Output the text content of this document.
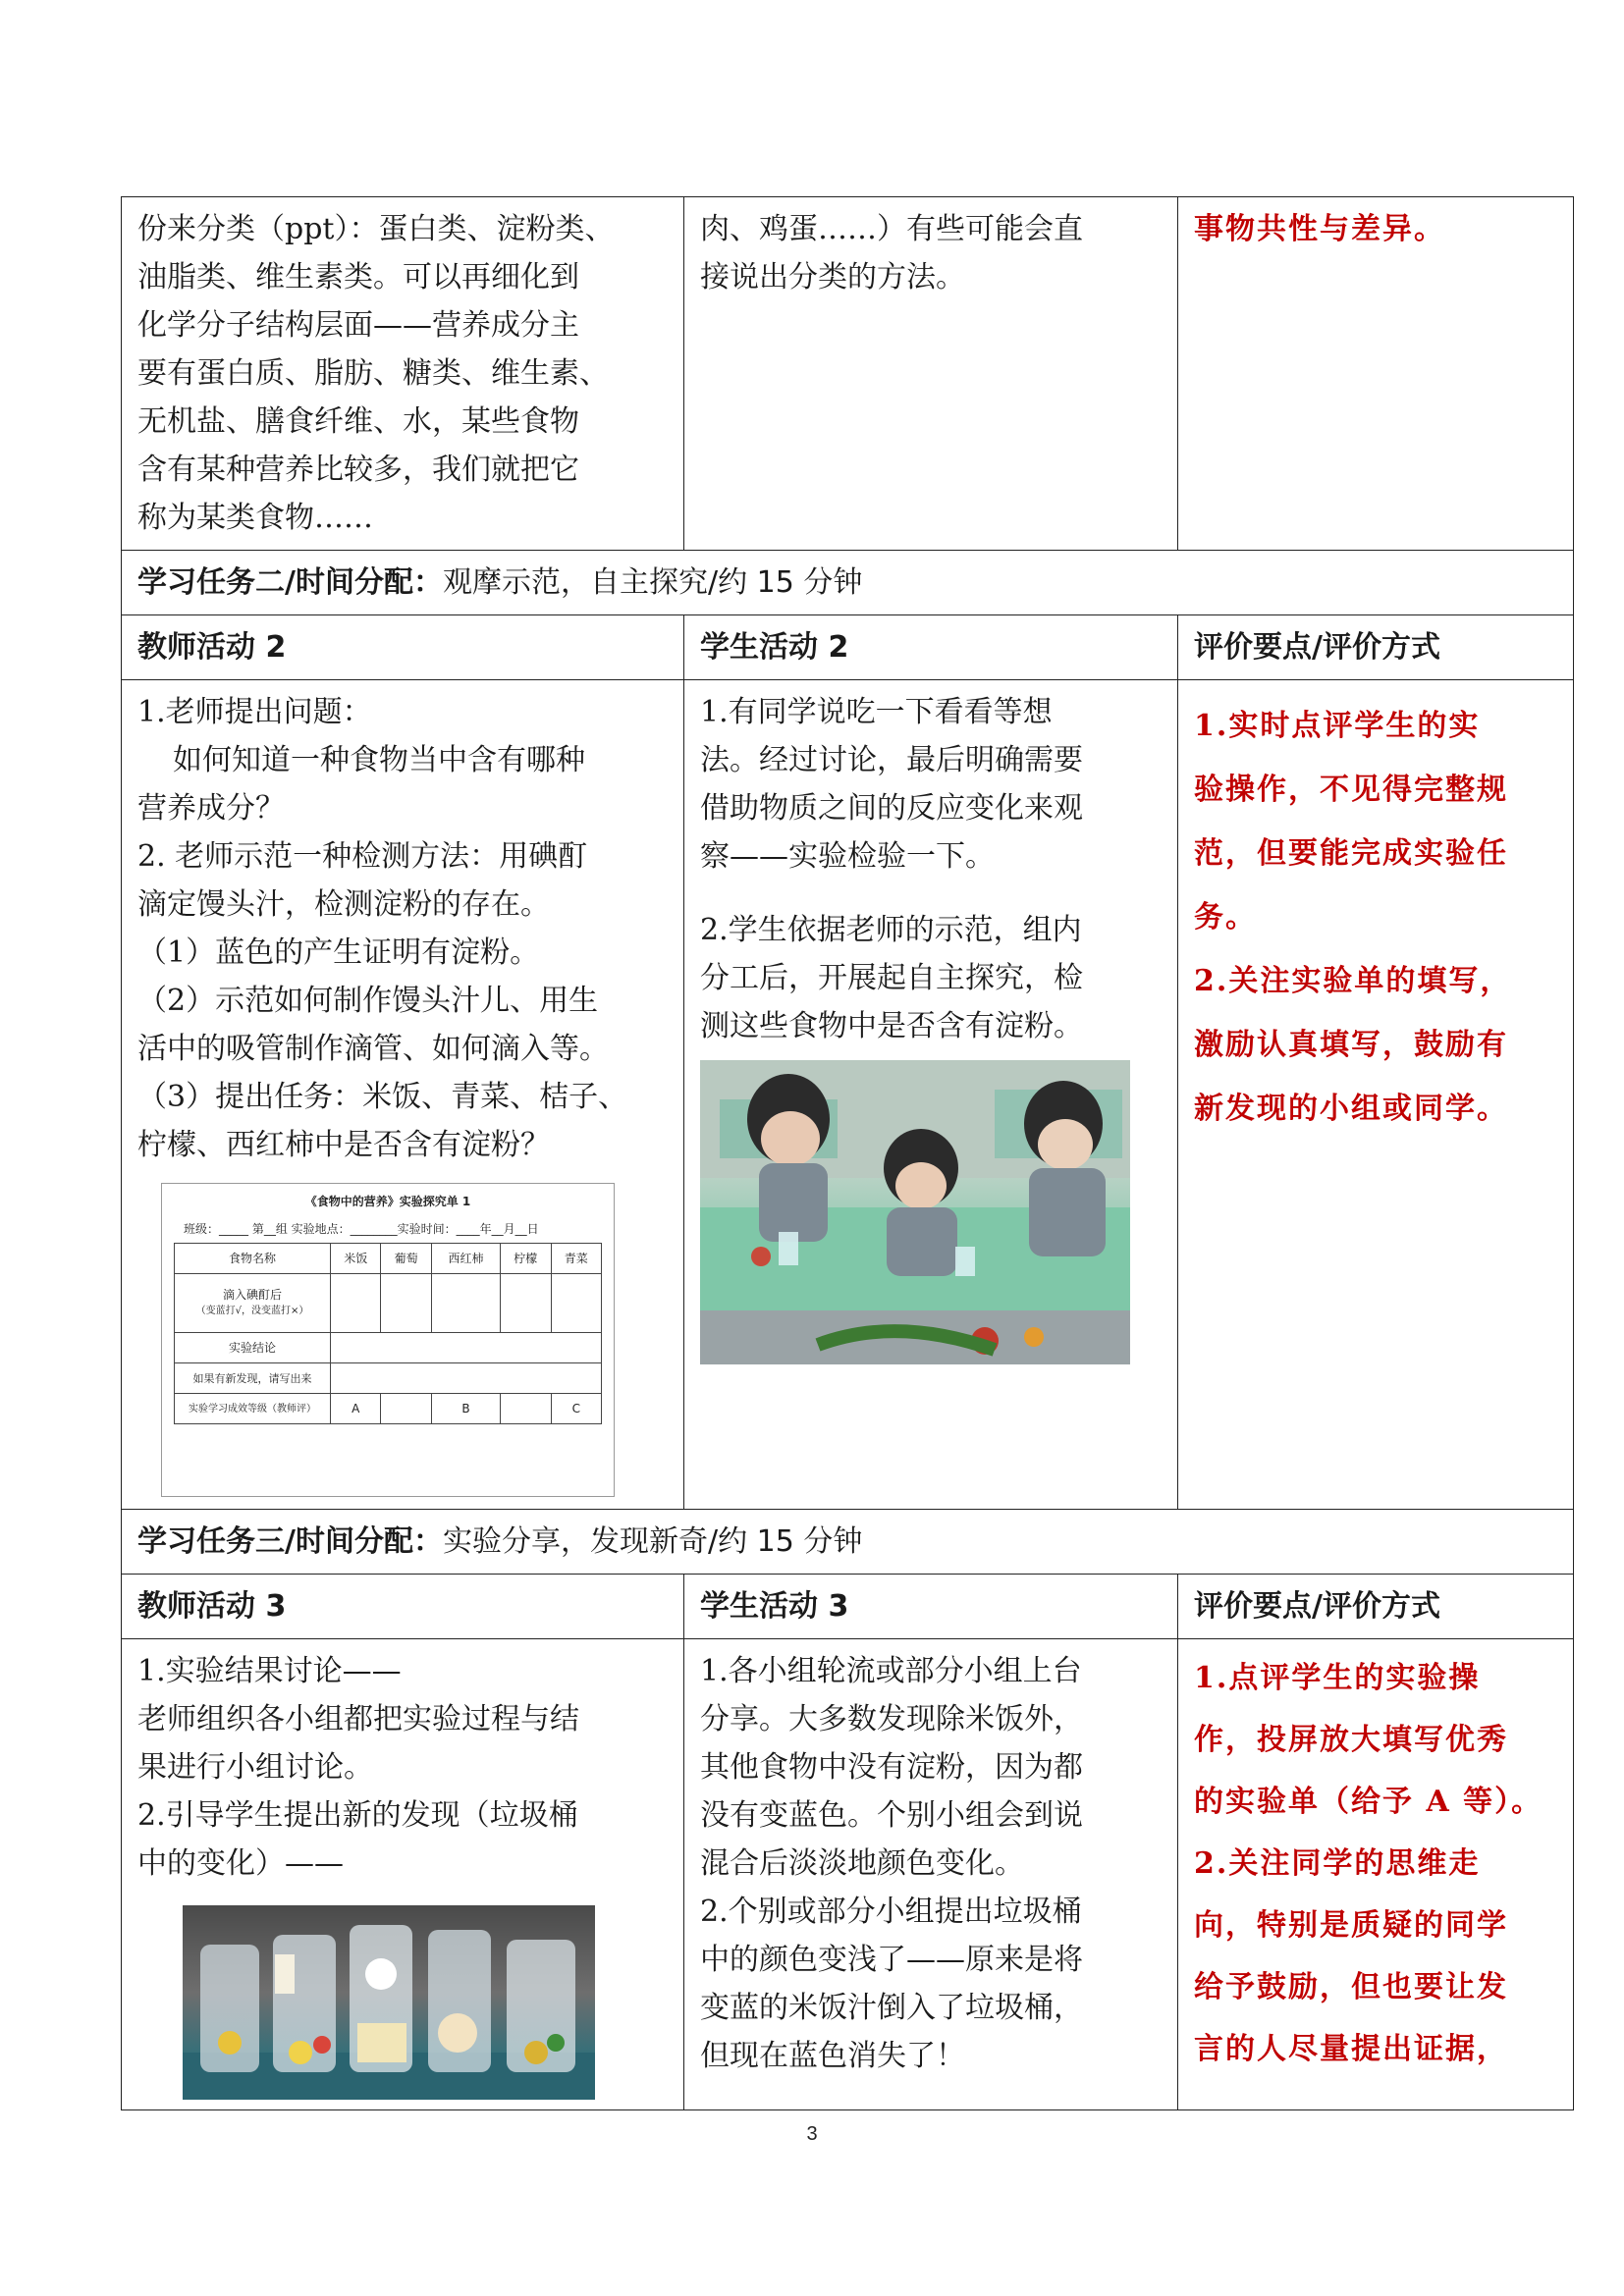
份来分类（ppt）：蛋白类、淀粉类、
油脂类、维生素类。可以再细化到
化学分子结构层面——营养成分主
要有蛋白质、脂肪、糖类、维生素、
无机盐、膳食纤维、水，某些食物
含有某种营养比较多，我们就把它
称为某类食物……

肉、鸡蛋……）有些可能会直
接说出分类的方法。

事物共性与差异。

学习任务二/时间分配：观摩示范，自主探究/约 15 分钟
教师活动 2	学生活动 2	评价要点/评价方式

1.老师提出问题：
如何知道一种食物当中含有哪种
营养成分？
2. 老师示范一种检测方法：用碘酊
滴定馒头汁，检测淀粉的存在。
（1）蓝色的产生证明有淀粉。
（2）示范如何制作馒头汁儿、用生
活中的吸管制作滴管、如何滴入等。
（3）提出任务：米饭、青菜、桔子、
柠檬、西红柿中是否含有淀粉？
《食物中的营养》实验探究单 1
班级：_____ 第__组 实验地点：________实验时间：____年__月__日
食物名称	米饭	葡萄	西红柿	柠檬	青菜
滴入碘酊后
（变蓝打√，没变蓝打×）					
实验结论	
如果有新发现，请写出来	
实验学习成效等级（教师评）	A		B		C

1.有同学说吃一下看看等想
法。经过讨论，最后明确需要
借助物质之间的反应变化来观
察——实验检验一下。
2.学生依据老师的示范，组内
分工后，开展起自主探究，检
测这些食物中是否含有淀粉。

1.实时点评学生的实
验操作，不见得完整规
范，但要能完成实验任
务。
2.关注实验单的填写，
激励认真填写，鼓励有
新发现的小组或同学。

学习任务三/时间分配：实验分享，发现新奇/约 15 分钟
教师活动 3	学生活动 3	评价要点/评价方式

1.实验结果讨论——
老师组织各小组都把实验过程与结
果进行小组讨论。
2.引导学生提出新的发现（垃圾桶
中的变化）——

1.各小组轮流或部分小组上台
分享。大多数发现除米饭外，
其他食物中没有淀粉，因为都
没有变蓝色。个别小组会到说
混合后淡淡地颜色变化。
2.个别或部分小组提出垃圾桶
中的颜色变浅了——原来是将
变蓝的米饭汁倒入了垃圾桶，
但现在蓝色消失了！

1.点评学生的实验操
作，投屏放大填写优秀
的实验单（给予 A 等）。
2.关注同学的思维走
向，特别是质疑的同学
给予鼓励，但也要让发
言的人尽量提出证据，
3
